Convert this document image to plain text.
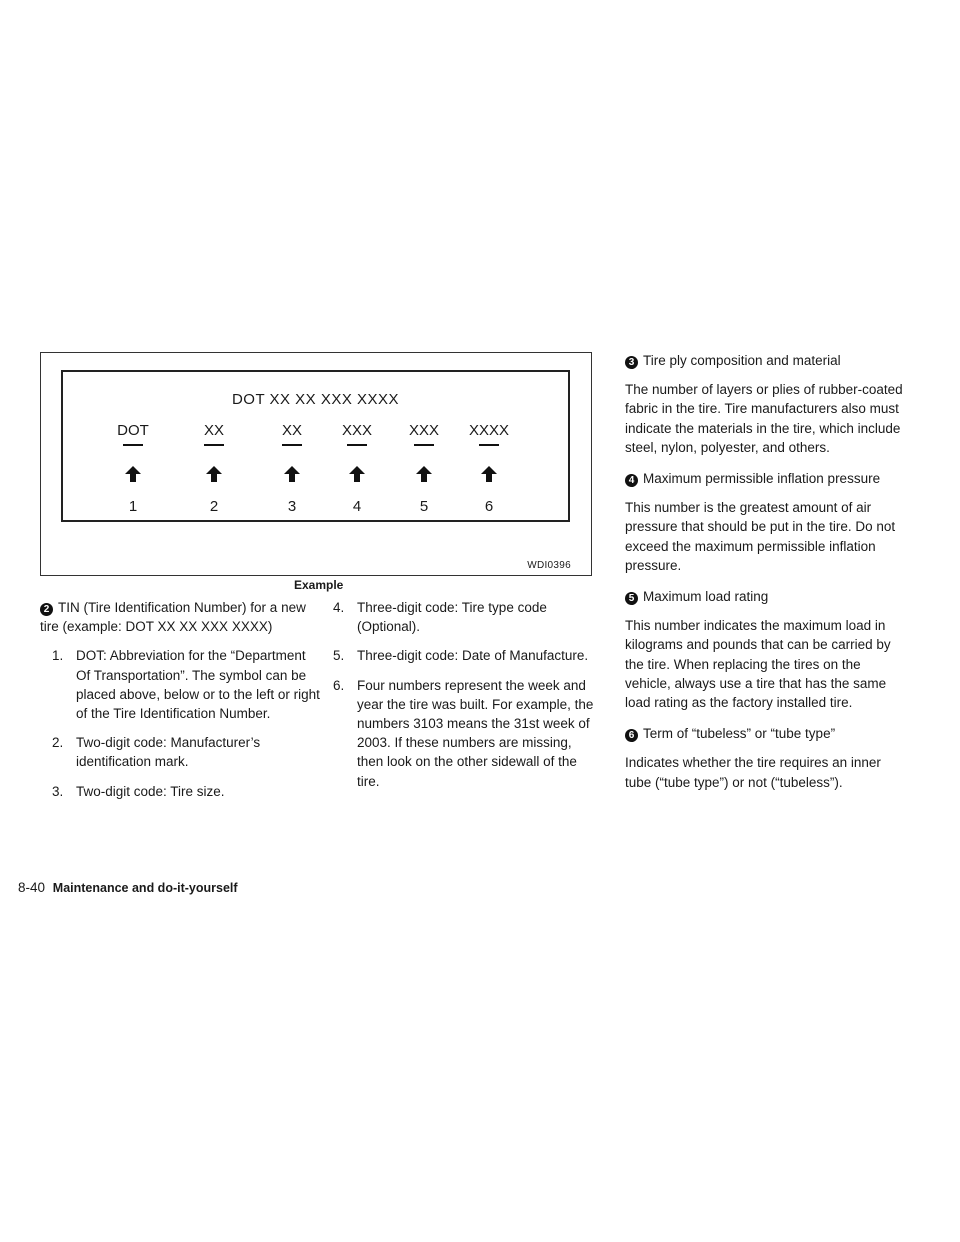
DOT XX XX XXX XXXX
DOT
1
XX
2
XX
3
XXX
4
XXX
5
XXXX
6
WDI0396
Example

2 TIN (Tire Identification Number) for a new tire (example: DOT XX XX XXX XXXX)

1. DOT: Abbreviation for the “Department Of Transportation”. The symbol can be placed above, below or to the left or right of the Tire Identification Number.
2. Two-digit code: Manufacturer’s identification mark.
3. Two-digit code: Tire size.
4. Three-digit code: Tire type code (Optional).
5. Three-digit code: Date of Manufacture.
6. Four numbers represent the week and year the tire was built. For example, the numbers 3103 means the 31st week of 2003. If these numbers are missing, then look on the other sidewall of the tire.

3 Tire ply composition and material

The number of layers or plies of rubber-coated fabric in the tire. Tire manufacturers also must indicate the materials in the tire, which include steel, nylon, polyester, and others.

4 Maximum permissible inflation pressure

This number is the greatest amount of air pressure that should be put in the tire. Do not exceed the maximum permissible inflation pressure.

5 Maximum load rating

This number indicates the maximum load in kilograms and pounds that can be carried by the tire. When replacing the tires on the vehicle, always use a tire that has the same load rating as the factory installed tire.

6 Term of “tubeless” or “tube type”

Indicates whether the tire requires an inner tube (“tube type”) or not (“tubeless”).

8-40 Maintenance and do-it-yourself
